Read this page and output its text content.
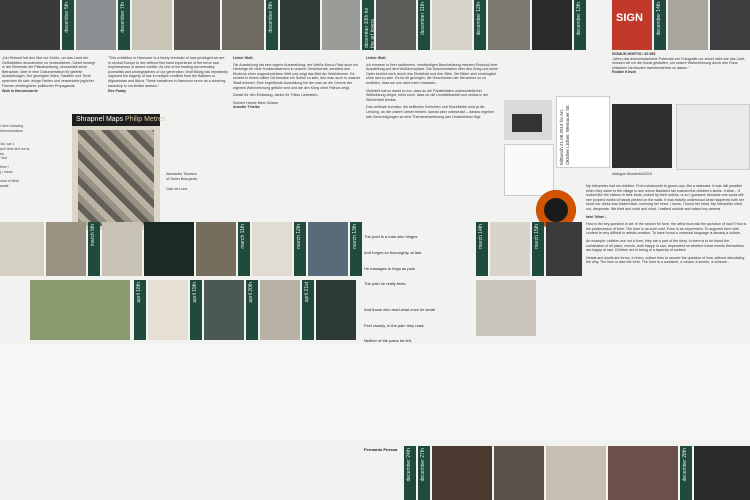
december 5th	december 7th	december 8th	december 10th for the art lovers	december 11th	december 12th	december 13th	SIGN	december 14th
„Der Entwurf hat den Mut zur Größe, um das Land der Geflüchteten anzudeuten/ zu verdeutlichen. Schiel bewegt er die Elemente der Plakatwerbung, verwandelt seine Betrachter, über in eine Dokumentation für gelebte Ausstellungen. Der gezeigtes Video, Tabellen und Texte sprechen für sich: einige Fakten und verwendete jeglicher Formen eindringlicher politischer Propaganda.
Wolt in Hannnovarde
"This exhibition in Hannover is a timely reminder of how privileged we are in central Europe to live without first hand experience of the terror and hopelessness of armed conflict. As one of the leading documentary journalists and photographers of our generation, Wolf Böwig has repeatedly captured the tragedy of war in multiple conflicts from the Balkans to Afghanistan and Africa. These narratives in Hannover serve as a sobering backdrop to our festive season."
Rex Foaby
Lieber Wolf,
Die Ausstellung hat eine eigene Ausstrahlung: der Weiße-Kreuz-Platz auch ein Herberge für viele Schicksalsarmen in unserer Gesellschaft, verstärkt den Eindruck einer ungeschminkten Welt und zeigt das Bild der Vertriebenen. Es scheint in einem stillen Ort beinahe ein Schrei zu sein, den man auch in unserer Stadt erinnert. Eine ergreifende Ausstellung bei der man an die Grenze der eigenen Wahrnehmung geführt wird und die den Krieg ohne Pathos zeigt.
Danke für den Einladung, danke für Thilos Liebeleien.
Schöne Hanne liebe Grüsse
Annette Thielke
Lieber Wolf,
Ich erinnere in ihrer schlimmen, verständigen Beschreibung meinem Eindruck ihrer Ausstellung auf dem Weißkreuzplatz. Die Dokumentation über den Krieg und seine Opfer berührt mich durch ihre Direktheit und ihre Stille. Die Bilder sind eindringlich ohne laut zu sein. Es ist dir gelungen, die Geschichten der Menschen so zu erzählen, dass sie uns nicht mehr loslassen.
Vielleicht hat es damit zu tun, dass du die Parallelitäten unterschiedlicher Weltwirkung zeigst, mehr noch, dass du die Unmittelbarkeit und zeitlos in der Wirklichkeit bleibst.
Das vertikale Kurvatur, die seitlichen Schichten und Einzelbilder sind ja die Leidung, an die unsere Lieben trinken, kannst aber unbewusst – daraus ergeben sich Berechtigungen an eine Themenerweiterung des Umschrieben fügt.	Mittwoch 21.08.2019 for Art, Oktober Lichter, Wernauer Str.
SIGMUN MORTIS / 40.555
„Wenn das dokumentarische Potenzial von Fotografie nur soviel nicht wie das Licht, müssen wir vor die Kunst gestalten, um unsere Wahrnehmung durch den Fluss kritischen Neubauten transformierbar zu lassen.“
Robbie Kirsch
dialogue Wonderful/2015
r face showing demonstrators

'do: car 1
ach time she turns
es
' line

time /
j / minor

siral of flesh
aside
Shrapnel Maps Philip Metres
Alexandra Thorand
of Tamer Bourgeois
Clair de Lune
My interpreter had six children. From newfounds to grown-ups, like a staircase. It was still possible when they came to the village to see whom Bastian's tail crashed the children's skulls. It slide... It looked like the victims in their beds, looked by their unbins, or so I guessed; because one could still see purpled marks of hands printed on the walls. It was exactly understood what happened with her since her dress was folded back, covering her head. I mean, I found her head. My interpreter cried out, desperate. We tried and cried and cried. I walked outside and raised my camera.
Intel 'Wow'...
How is the key question in art: In the search for form, the artist must ask the question of how? How is the predecessor of form. The form is as such void. Form is an experiment. To augment form with content is very difficult in artistic creation. To have found a universal language is already a culture.
An example: children are not a form, they are a part of the story. In them is to be found the culmination of all place, events, both happy or sad, dependent on whether these events themselves are happy at sad. Children are in being of a tapestry of content.
Heads and skulls are forms. In them, culture tries to answer the question of how, without articulating the why. The form is also the form. The form is a container, a vessel; a screen, a scheme...
march 9th	march 11th	march 12th	march 13th

	The poet is a man who hinges

And forges so thoroughly, at last

He manages to feign as pain

The pain he really feels.

And those who read what once he wrote

Feel closely, in the pain they read,

Neither of the pains he felt,

Fernando Pessoa

march 14th	march 15th
april 18th	april 19th	april 20th	april 21st
december 24th	december 27th	december 28th
